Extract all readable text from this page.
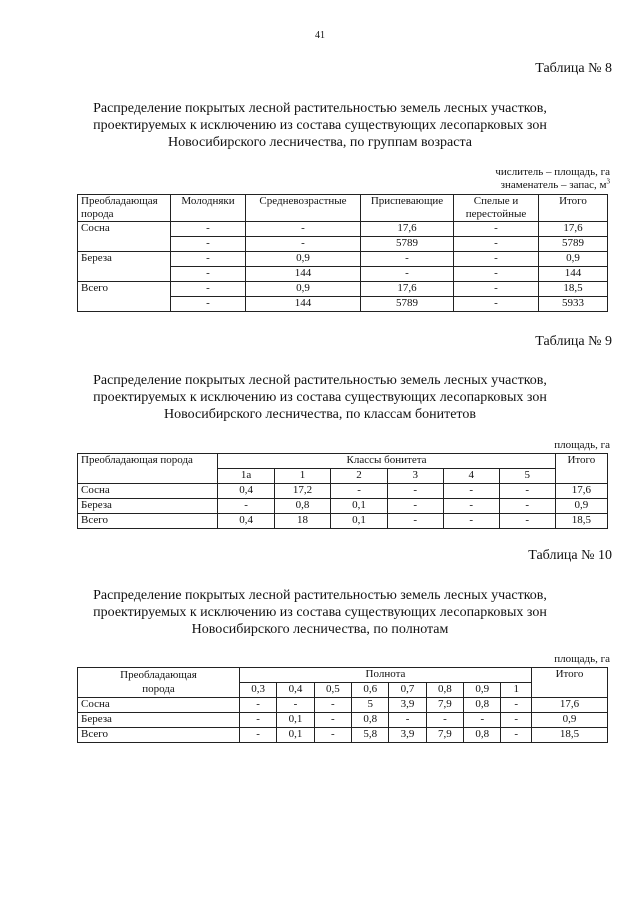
41
Таблица № 8
Распределение покрытых лесной растительностью земель лесных участков,
проектируемых к исключению из состава существующих лесопарковых зон
Новосибирского лесничества, по группам возраста
числитель – площадь, га
знаменатель – запас, $м^3$
Преобладающая порода	Молодняки	Средневозрастные	Приспевающие	Спелые и перестойные	Итого
Сосна	-	-	17,6	-	17,6
	-	-	5789	-	5789
Береза	-	0,9	-	-	0,9
	-	144	-	-	144
Всего	-	0,9	17,6	-	18,5
	-	144	5789	-	5933
Таблица № 9
Распределение покрытых лесной растительностью земель лесных участков,
проектируемых к исключению из состава существующих лесопарковых зон
Новосибирского лесничества, по классам бонитетов
площадь, га
Преобладающая порода	Классы бонитета						Итого
	1а	1	2	3	4	5	
Сосна	0,4	17,2	-	-	-	-	17,6
Береза	-	0,8	0,1	-	-	-	0,9
Всего	0,4	18	0,1	-	-	-	18,5
Таблица № 10
Распределение покрытых лесной растительностью земель лесных участков,
проектируемых к исключению из состава существующих лесопарковых зон
Новосибирского лесничества, по полнотам
площадь, га
Преобладающая
порода	Полнота								Итого
	0,3	0,4	0,5	0,6	0,7	0,8	0,9	1	
Сосна	-	-	-	5	3,9	7,9	0,8	-	17,6
Береза	-	0,1	-	0,8	-	-	-	-	0,9
Всего	-	0,1	-	5,8	3,9	7,9	0,8	-	18,5
